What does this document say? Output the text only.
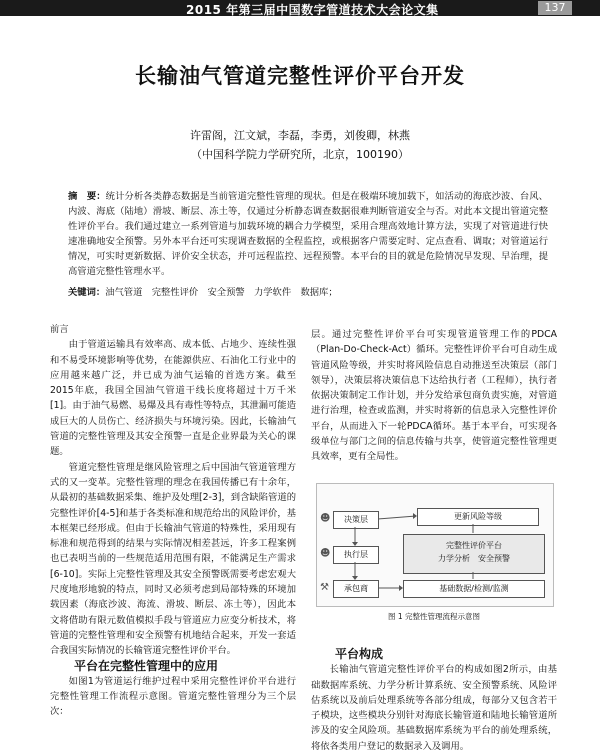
2015 年第三届中国数字管道技术大会论文集	137
长输油气管道完整性评价平台开发
许雷阁，江文斌，李磊，李勇，刘俊卿，林燕
（中国科学院力学研究所，北京，100190）
摘　要：统计分析各类静态数据是当前管道完整性管理的现状。但是在极端环境加载下，如活动的海底沙波、台风、内波、海底（陆地）滑坡、断层、冻土等，仅通过分析静态调查数据很难判断管道安全与否。对此本文提出管道完整性评价平台。我们通过建立一系列管道与加载环境的耦合力学模型，采用合理高效地计算方法，实现了对管道进行快速准确地安全预警。另外本平台还可实现调查数据的全程监控，或根据客户需要定时、定点查看、调取；对管道运行情况，可实时更新数据、评价安全状态，并可远程监控、远程预警。本平台的目的就是危险情况早发现、早治理，提高管道完整性管理水平。
关键词：油气管道　完整性评价　安全预警　力学软件　数据库；

前言

由于管道运输具有效率高、成本低、占地少、连续性强和不易受环境影响等优势，在能源供应、石油化工行业中的应用越来越广泛，并已成为油气运输的首选方案。截至2015年底，我国全国油气管道干线长度将超过十万千米[1]。由于油气易燃、易爆及具有毒性等特点，其泄漏可能造成巨大的人员伤亡、经济损失与环境污染。因此，长输油气管道的完整性管理及其安全预警一直是企业界最为关心的课题。

管道完整性管理是继风险管理之后中国油气管道管理方式的又一变革。完整性管理的理念在我国传播已有十余年，从最初的基础数据采集、维护及处理[2-3]，到含缺陷管道的完整性评价[4-5]和基于各类标准和规范给出的风险评价，基本框架已经形成。但由于长输油气管道的特殊性，采用现有标准和规范得到的结果与实际情况相差甚远，许多工程案例也已表明当前的一些规范适用范围有限，不能满足生产需求[6-10]。实际上完整性管理及其安全预警既需要考虑宏观大尺度地形地貌的特点，同时又必须考虑到局部特殊的环境加载因素（海底沙波、海流、滑坡、断层、冻土等），因此本文将借助有限元数值模拟手段与管道应力应变分析技术，将管道的完整性管理和安全预警有机地结合起来，开发一套适合我国实际情况的长输管道完整性评价平台。

平台在完整性管理中的应用

如图1为管道运行维护过程中采用完整性评价平台进行完整性管理工作流程示意图。管道完整性管理分为三个层次：

层。通过完整性评价平台可实现管道管理工作的PDCA（Plan-Do-Check-Act）循环。完整性评价平台可自动生成管道风险等级，并实时将风险信息自动推送至决策层（部门领导），决策层将决策信息下达给执行者（工程师），执行者依据决策制定工作计划，并分发给承包商负责实施，对管道进行治理，检查或监测，并实时将新的信息录入完整性评价平台，从而进入下一轮PDCA循环。基于本平台，可实现各级单位与部门之间的信息传输与共享，使管道完整性管理更具效率，更有全局性。

决策层
执行层
承包商
☻
☻
⚒
更新风险等级
完整性评价平台
力学分析　安全预警
基础数据/检测/监测
图 1 完整性管理流程示意图

平台构成

长输油气管道完整性评价平台的构成如图2所示，由基础数据库系统、力学分析计算系统、安全预警系统、风险评估系统以及前后处理系统等各部分组成，每部分又包含若干子模块，这些模块分别针对海底长输管道和陆地长输管道所涉及的安全风险项。基础数据库系统为平台的前处理系统，将依各类用户登记的数据录入及调用。
